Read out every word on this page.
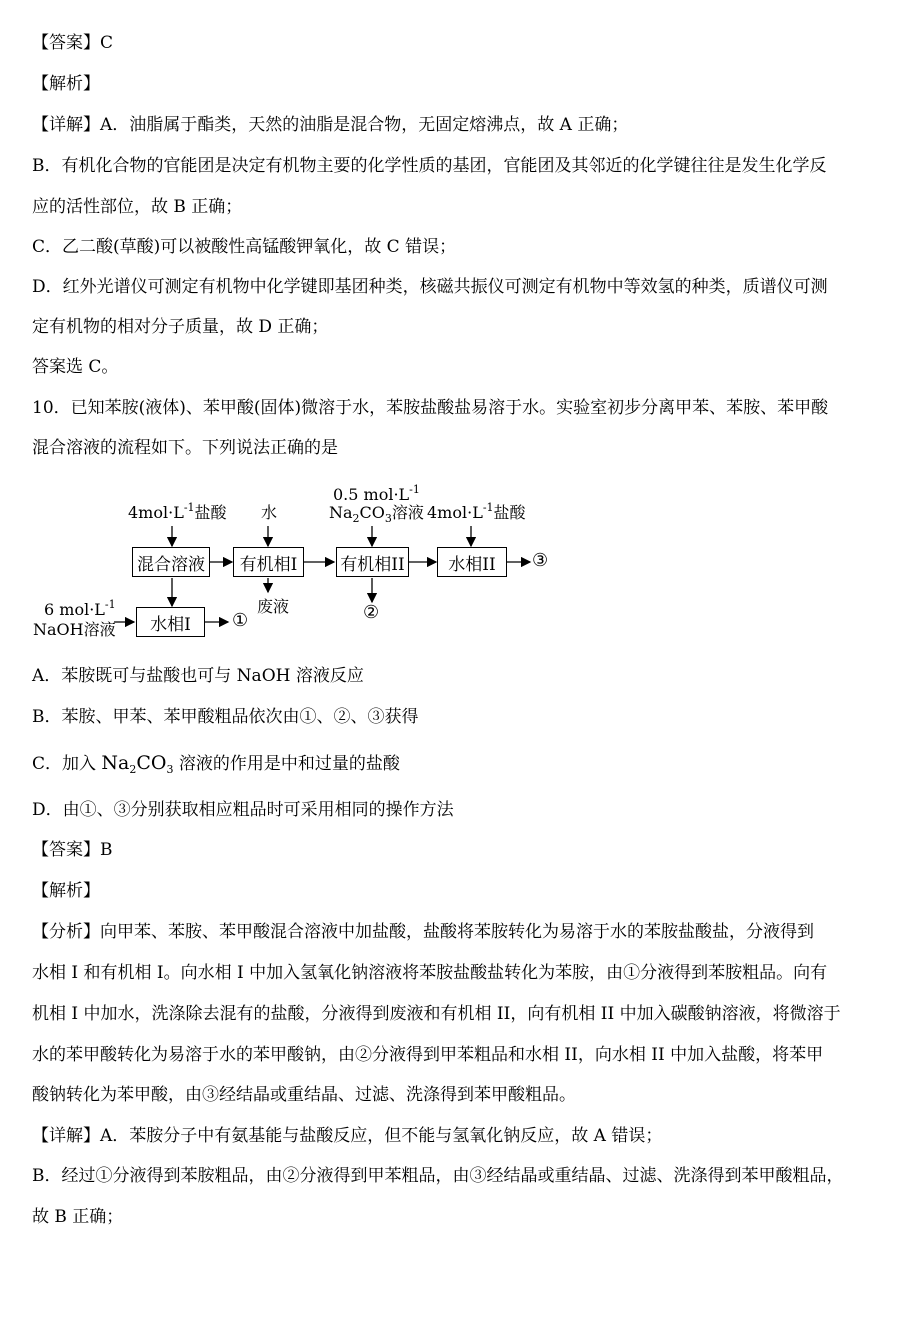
【答案】C
【解析】
【详解】A．油脂属于酯类，天然的油脂是混合物，无固定熔沸点，故 A 正确；
B．有机化合物的官能团是决定有机物主要的化学性质的基团，官能团及其邻近的化学键往往是发生化学反
应的活性部位，故 B 正确；
C．乙二酸(草酸)可以被酸性高锰酸钾氧化，故 C 错误；
D．红外光谱仪可测定有机物中化学键即基团种类，核磁共振仪可测定有机物中等效氢的种类，质谱仪可测
定有机物的相对分子质量，故 D 正确；
答案选 C。
10．已知苯胺(液体)、苯甲酸(固体)微溶于水，苯胺盐酸盐易溶于水。实验室初步分离甲苯、苯胺、苯甲酸
混合溶液的流程如下。下列说法正确的是
$4mol\cdot L^{-1}$盐酸 水
0.5 $mol\cdot L^{-1}$
$Na_2CO_3$溶液 $4mol\cdot L^{-1}$盐酸
混合溶液	有机相I	有机相II	水相II	③
废液	②
6 $mol\cdot L^{-1}$
NaOH溶液	水相I	①
A．苯胺既可与盐酸也可与 NaOH 溶液反应
B．苯胺、甲苯、苯甲酸粗品依次由①、②、③获得
C．加入 $Na_2CO_3$ 溶液的作用是中和过量的盐酸
D．由①、③分别获取相应粗品时可采用相同的操作方法
【答案】B
【解析】
【分析】向甲苯、苯胺、苯甲酸混合溶液中加盐酸，盐酸将苯胺转化为易溶于水的苯胺盐酸盐，分液得到
水相 I 和有机相 I。向水相 I 中加入氢氧化钠溶液将苯胺盐酸盐转化为苯胺，由①分液得到苯胺粗品。向有
机相 I 中加水，洗涤除去混有的盐酸，分液得到废液和有机相 II，向有机相 II 中加入碳酸钠溶液，将微溶于
水的苯甲酸转化为易溶于水的苯甲酸钠，由②分液得到甲苯粗品和水相 II，向水相 II 中加入盐酸，将苯甲
酸钠转化为苯甲酸，由③经结晶或重结晶、过滤、洗涤得到苯甲酸粗品。
【详解】A．苯胺分子中有氨基能与盐酸反应，但不能与氢氧化钠反应，故 A 错误；
B．经过①分液得到苯胺粗品，由②分液得到甲苯粗品，由③经结晶或重结晶、过滤、洗涤得到苯甲酸粗品，
故 B 正确；
